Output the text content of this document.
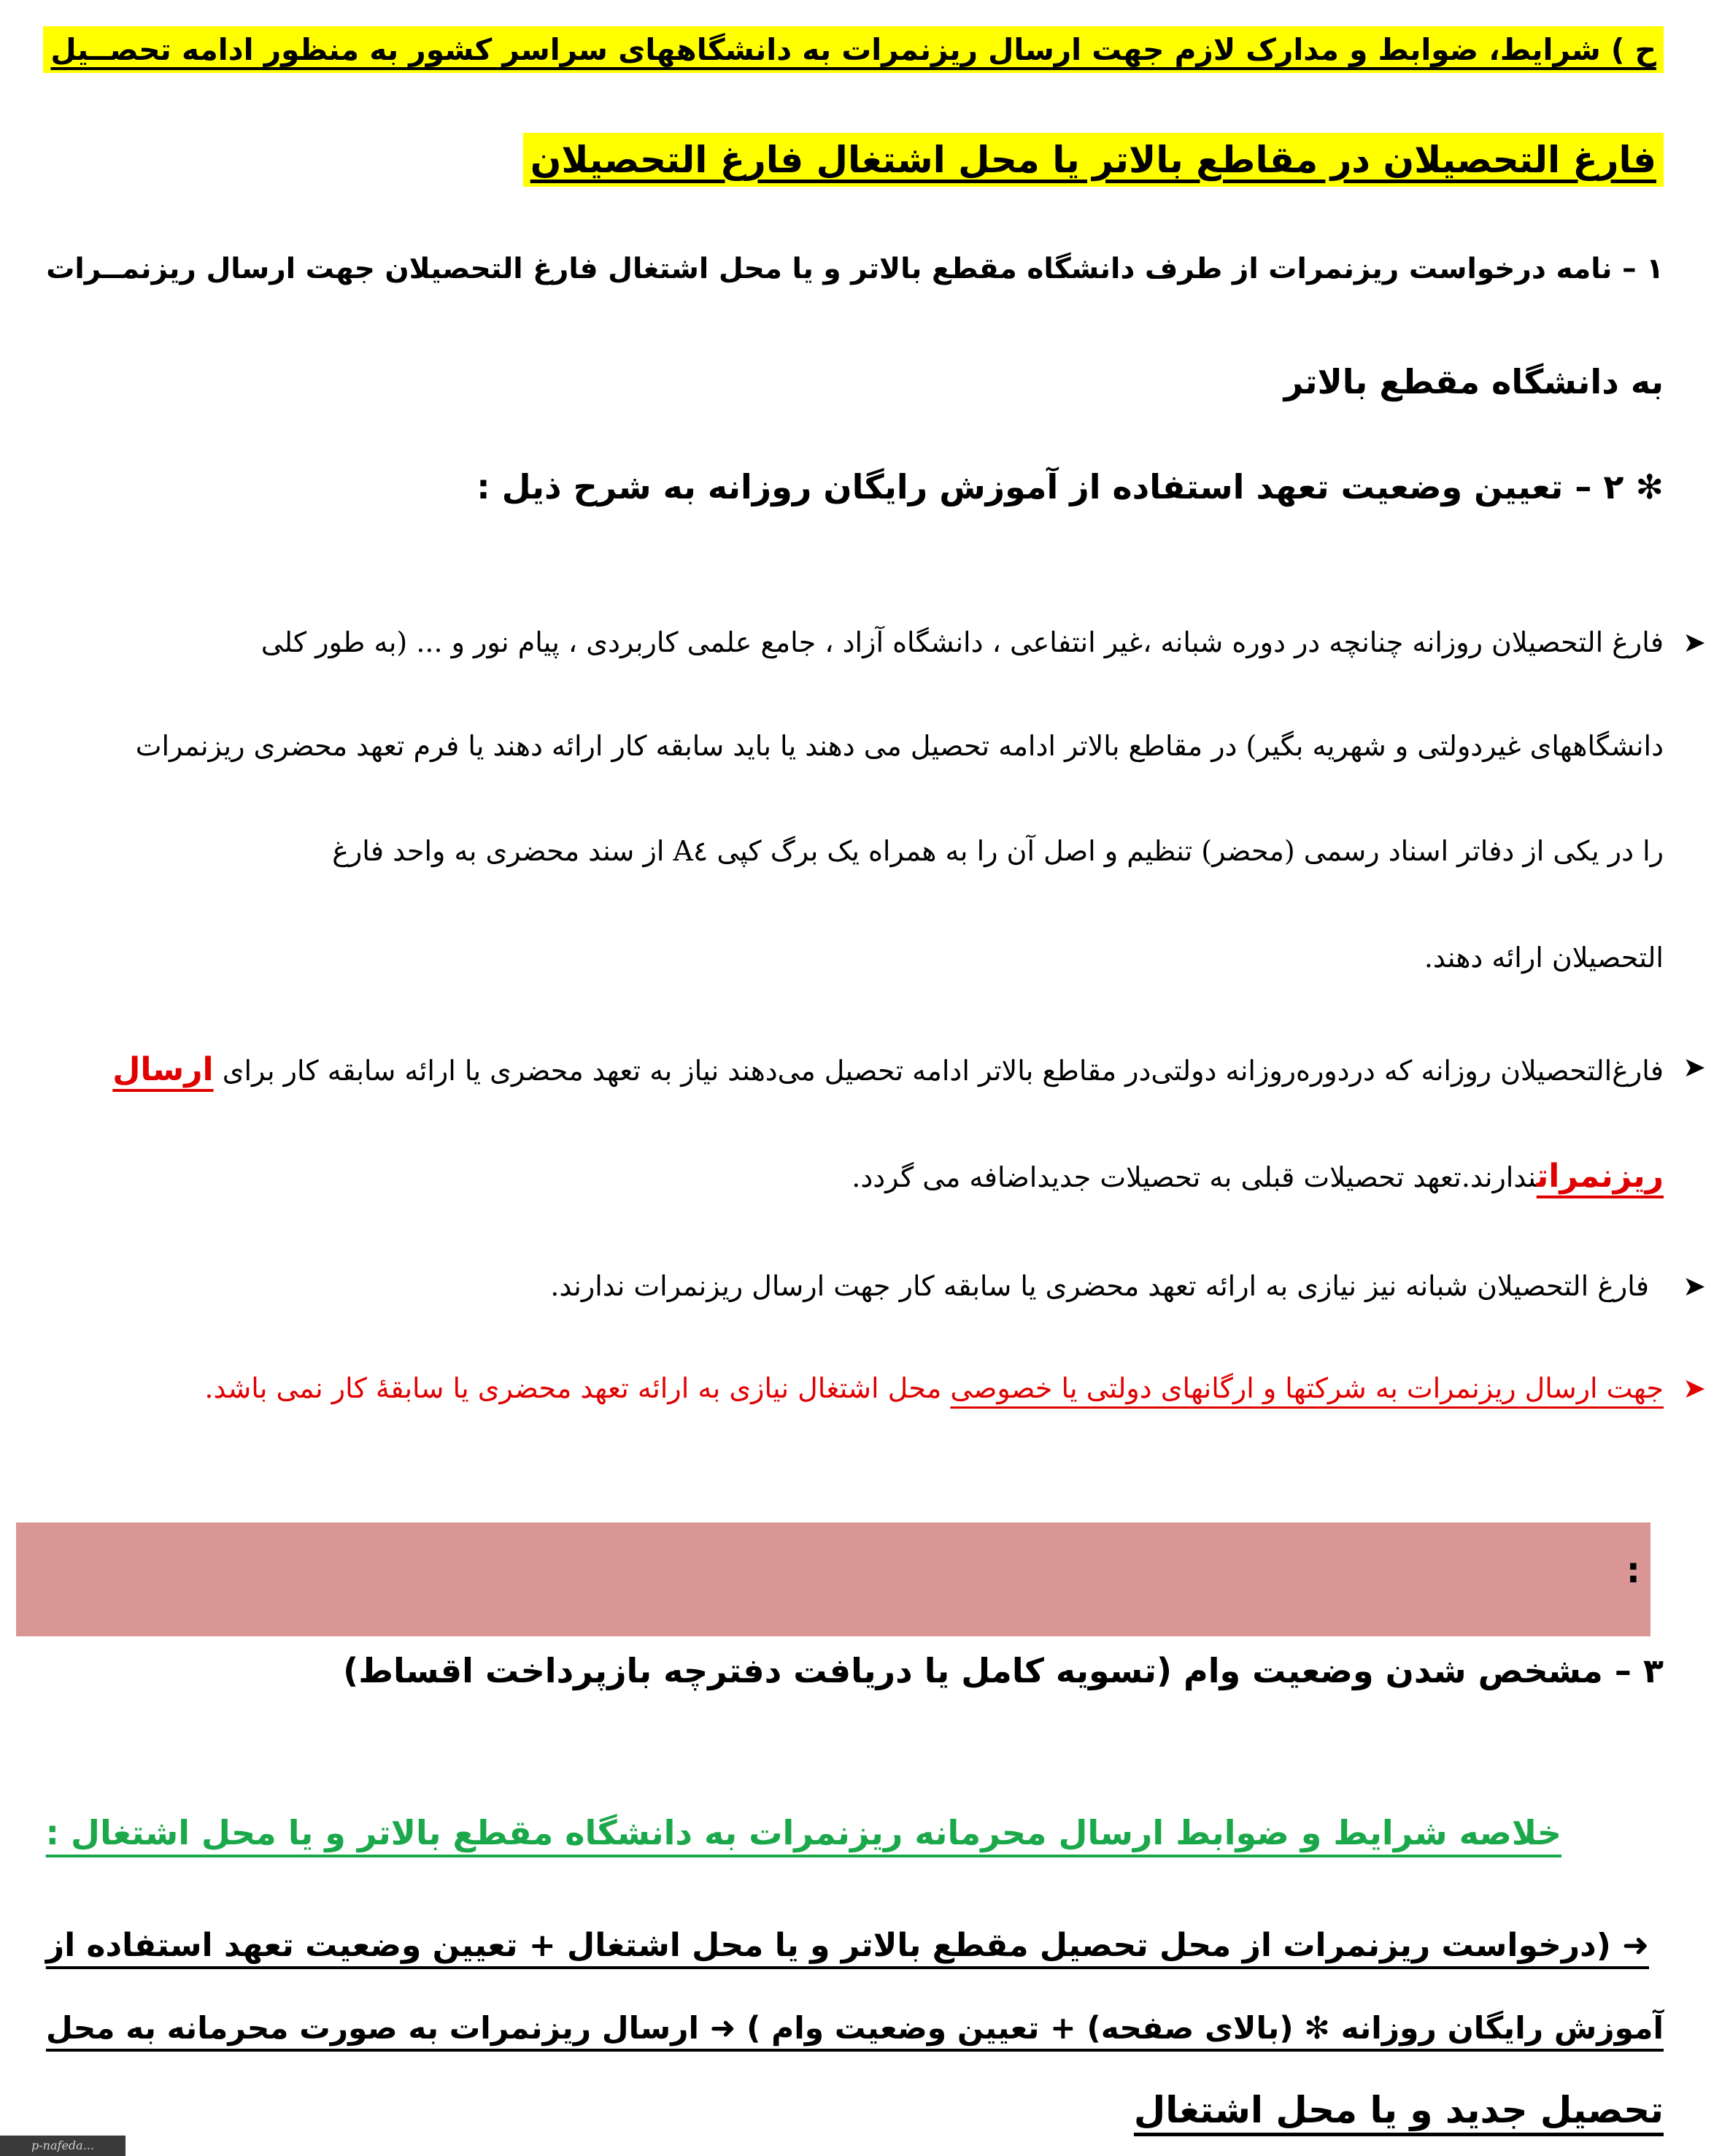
ح ) شرایط، ضوابط و مدارک لازم جهت ارسال ریزنمرات به دانشگاههای سراسر کشور به منظور ادامه تحصــیل
فارغ التحصیلان در مقاطع بالاتر یا محل اشتغال فارغ التحصیلان
۱ – نامه درخواست ریزنمرات از طرف دانشگاه مقطع بالاتر و یا محل اشتغال فارغ التحصیلان جهت ارسال ریزنمــرات
به دانشگاه مقطع بالاتر
✻ ۲ – تعیین وضعیت تعهد استفاده از آموزش رایگان روزانه به شرح ذیل :
➤
فارغ التحصیلان روزانه چنانچه در دوره شبانه ،غیر انتفاعی ، دانشگاه آزاد ، جامع علمی کاربردی ، پیام نور و ... (به طور کلی
دانشگاههای غیردولتی و شهریه بگیر) در مقاطع بالاتر ادامه تحصیل می دهند یا باید سابقه کار ارائه دهند یا فرم تعهد محضری ریزنمرات
را در یکی از دفاتر اسناد رسمی (محضر) تنظیم و اصل آن را به همراه یک برگ کپی A٤ از سند محضری به واحد فارغ
التحصیلان ارائه دهند.
➤
فارغ‌التحصیلان روزانه که دردوره‌روزانه دولتی‌در مقاطع بالاتر ادامه تحصیل می‌دهند نیاز به تعهد محضری یا ارائه سابقه کار برای ارسال
ریزنمراتندارند.تعهد تحصیلات قبلی به تحصیلات جدیداضافه می گردد.
➤
فارغ التحصیلان شبانه نیز نیازی به ارائه تعهد محضری یا سابقه کار جهت ارسال ریزنمرات ندارند.
➤
جهت ارسال ریزنمرات به شرکتها و ارگانهای دولتی یا خصوصی محل اشتغال نیازی به ارائه تعهد محضری یا سابقۀ کار نمی باشد.
:
۳ – مشخص شدن وضعیت وام (تسویه کامل یا دریافت دفترچه بازپرداخت اقساط)
خلاصه شرایط و ضوابط ارسال محرمانه ریزنمرات به دانشگاه مقطع بالاتر و یا محل اشتغال :
➜ (درخواست ریزنمرات از محل تحصیل مقطع بالاتر و یا محل اشتغال + تعیین وضعیت تعهد استفاده از
آموزش رایگان روزانه ✻ (بالای صفحه) + تعیین وضعیت وام ) ➜ ارسال ریزنمرات به صورت محرمانه به محل
تحصیل جدید و یا محل اشتغال
p-nafeda...
